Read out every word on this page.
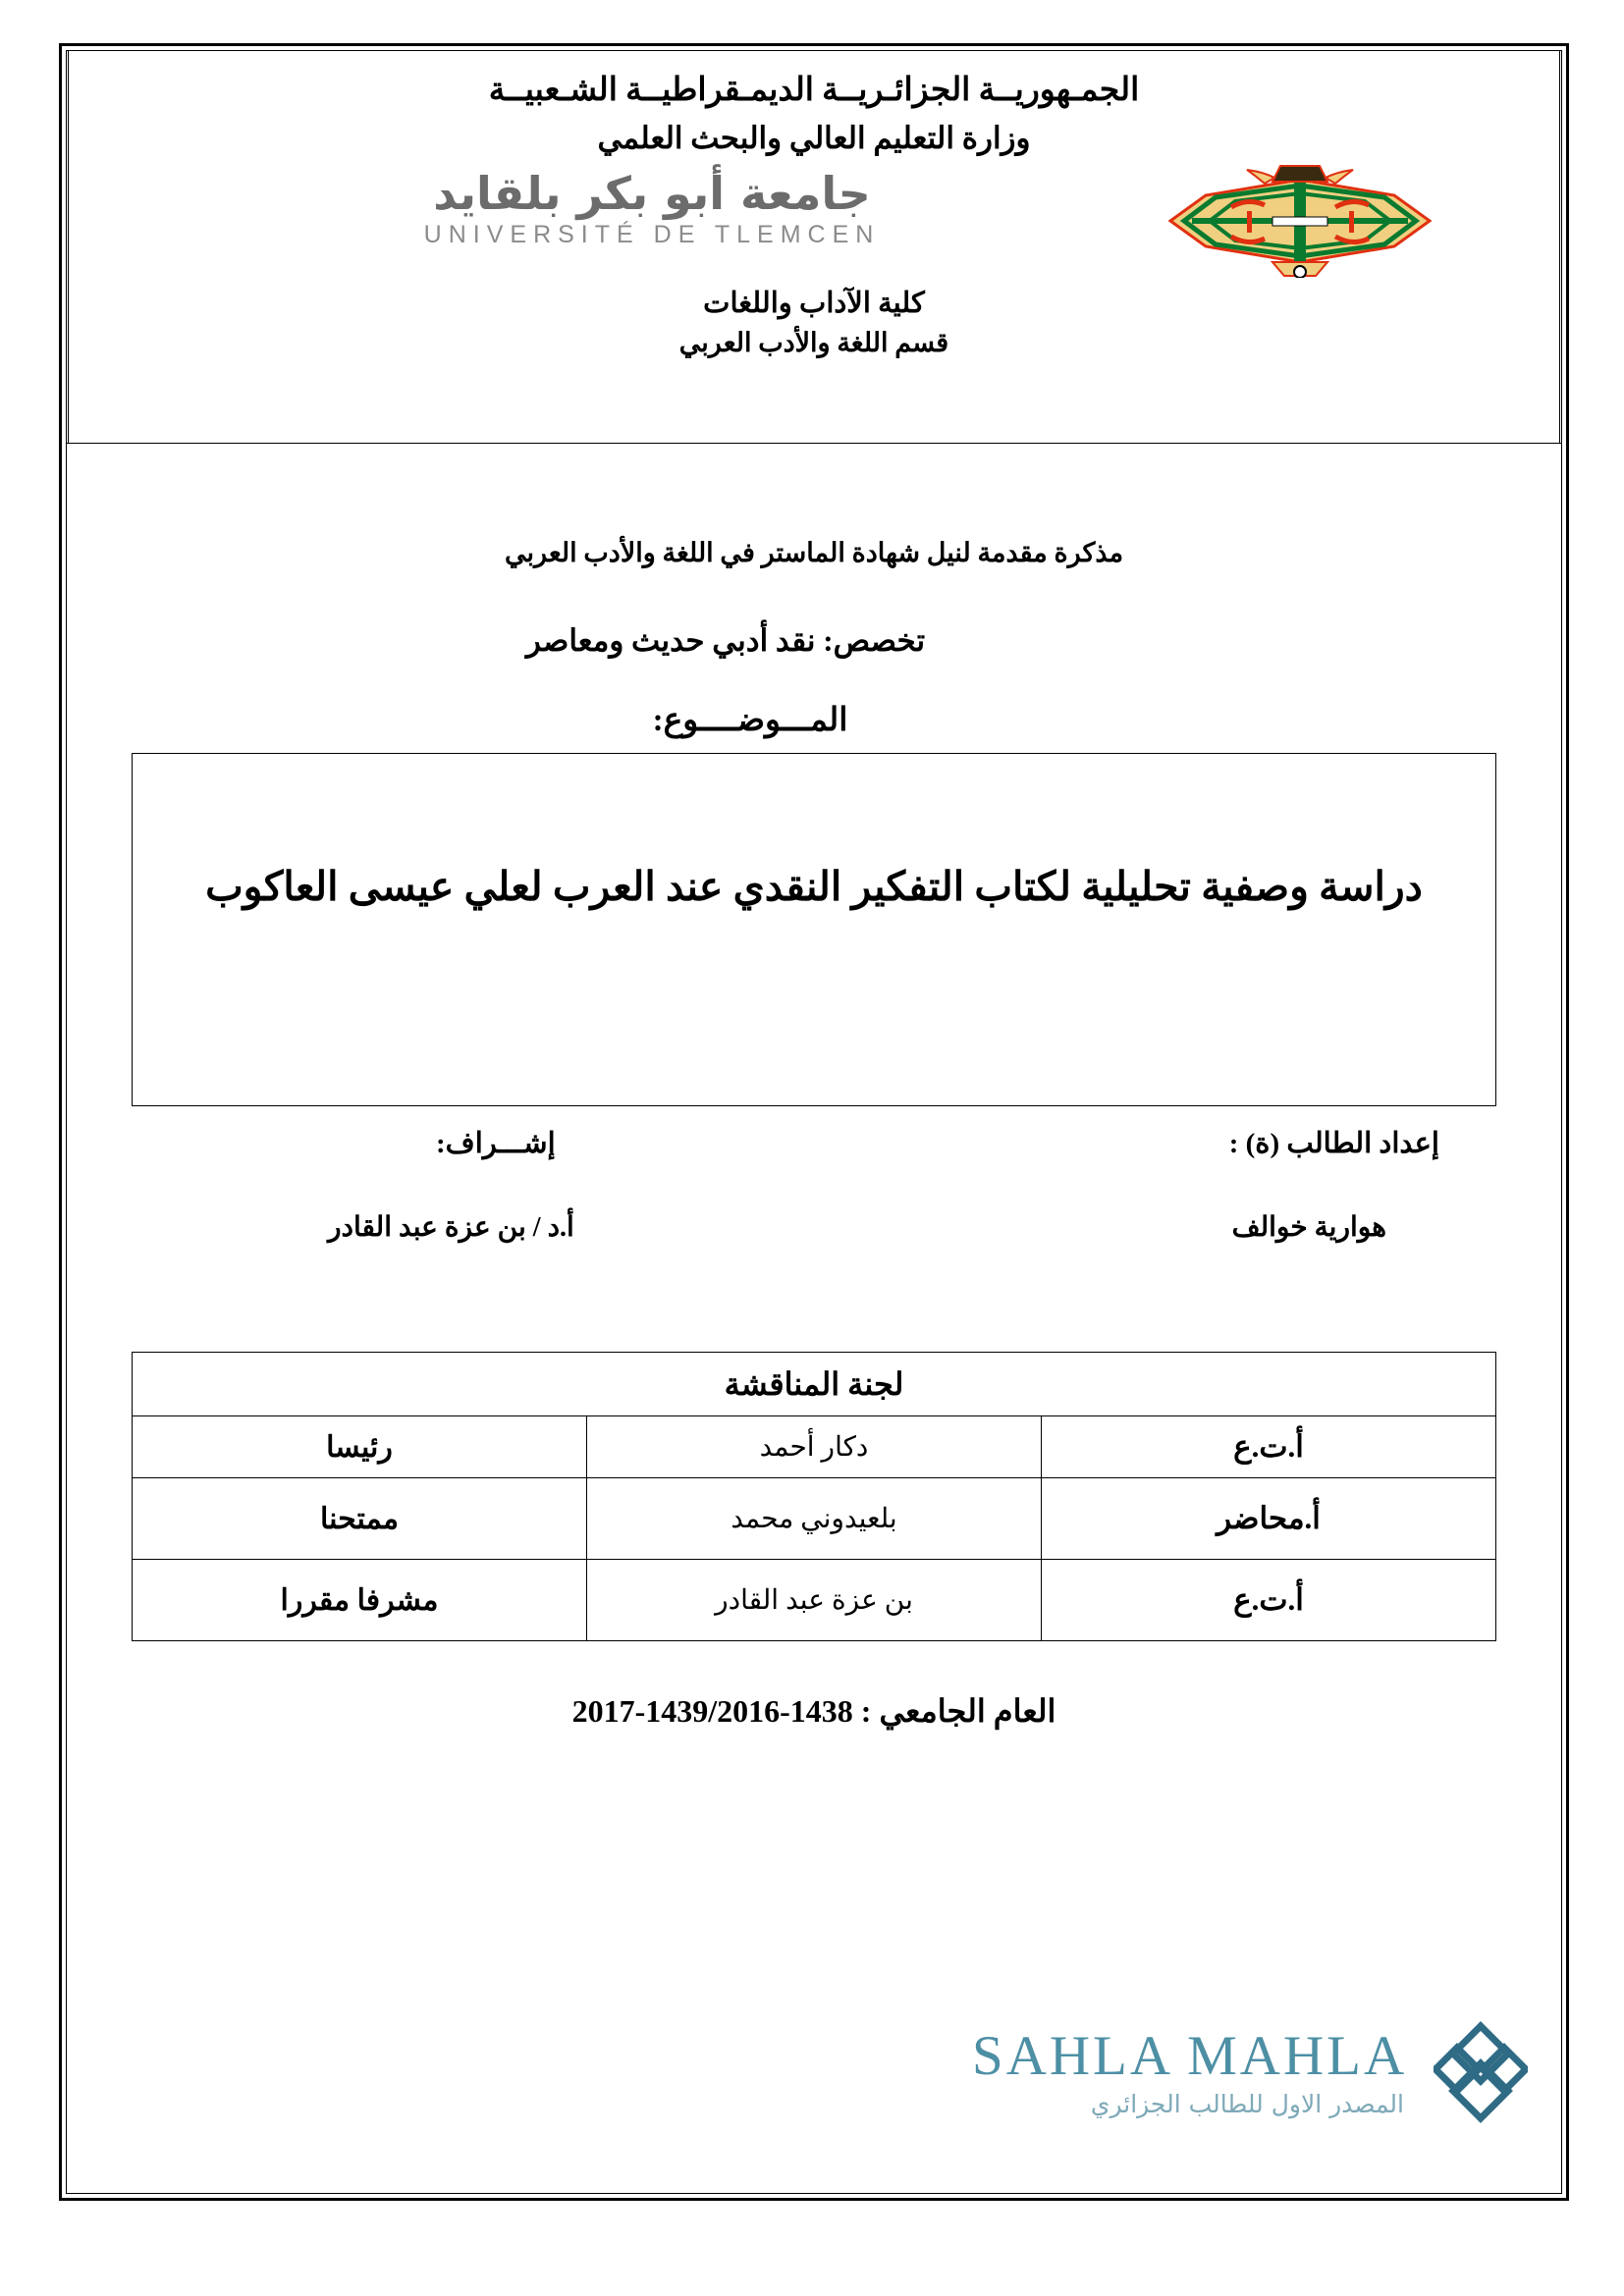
الجمـهوريــة الجزائـريــة الديمـقراطيــة الشـعبيــة
وزارة التعليم العالي والبحث العلمي
جامعة أبو بكر بلقايد
UNIVERSITÉ DE TLEMCEN
كلية الآداب واللغات
قسم اللغة والأدب العربي
مذكرة مقدمة لنيل شهادة الماستر في اللغة والأدب العربي
تخصص: نقد أدبي حديث ومعاصر
المـــوضــــوع:
دراسة وصفية تحليلية لكتاب التفكير النقدي عند العرب لعلي عيسى العاكوب
إعداد الطالب (ة) :
إشـــراف:
هوارية خوالف
أ.د / بن عزة عبد القادر
لجنة المناقشة		
أ.ت.ع	دكار أحمد	رئيسا
أ.محاضر	بلعيدوني محمد	ممتحنا
أ.ت.ع	بن عزة عبد القادر	مشرفا مقررا
العام الجامعي : 1438-1439/2016-2017
SAHLA MAHLA
المصدر الاول للطالب الجزائري
